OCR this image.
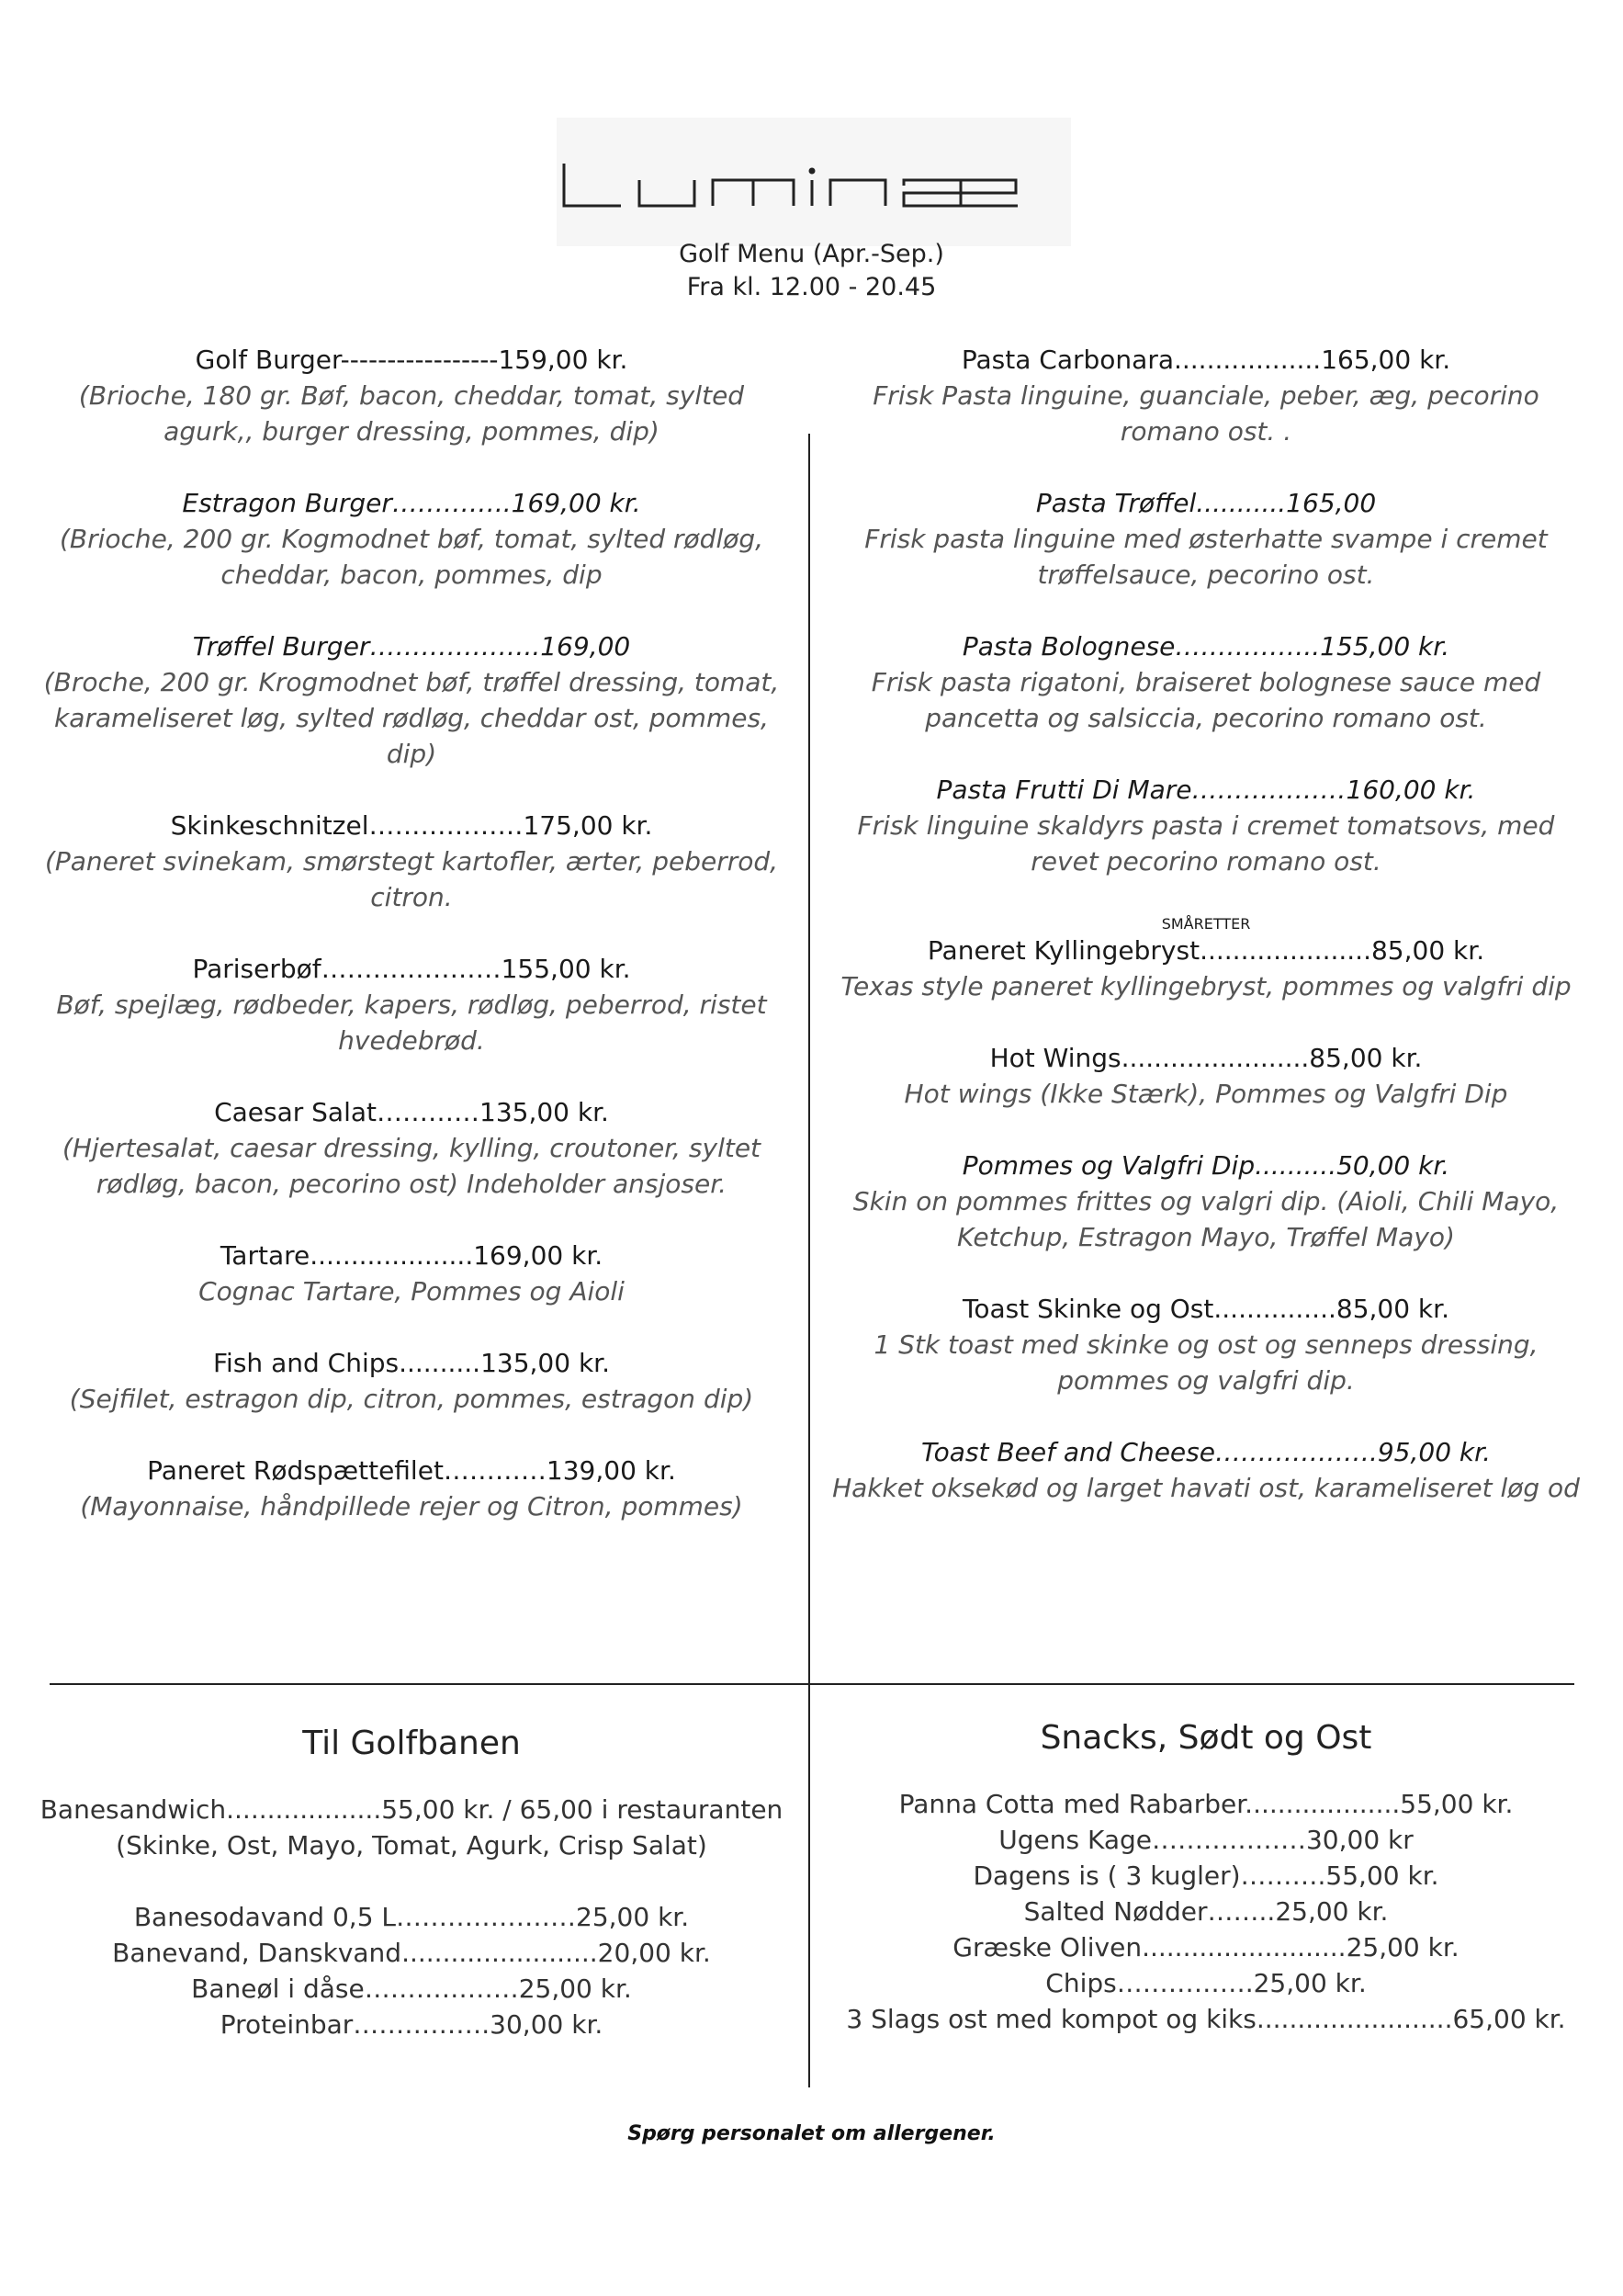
Golf Menu (Apr.-Sep.)
Fra kl. 12.00 - 20.45
Golf Burger-----------------159,00 kr.
(Brioche, 180 gr. Bøf, bacon, cheddar, tomat, sylted agurk,, burger dressing, pommes, dip)
Estragon Burger…………..169,00 kr.
(Brioche, 200 gr. Kogmodnet bøf, tomat, sylted rødløg, cheddar, bacon, pommes, dip
Trøffel Burger………………..169,00
(Broche, 200 gr. Krogmodnet bøf, trøffel dressing, tomat, karameliseret løg, sylted rødløg, cheddar ost, pommes, dip)
Skinkeschnitzel………………175,00 kr.
(Paneret svinekam, smørstegt kartofler, ærter, peberrod, citron.
Pariserbøf…………………155,00 kr.
Bøf, spejlæg, rødbeder, kapers, rødløg, peberrod, ristet hvedebrød.
Caesar Salat…………135,00 kr.
(Hjertesalat, caesar dressing, kylling, croutoner, syltet rødløg, bacon, pecorino ost) Indeholder ansjoser.
Tartare....................169,00 kr.
Cognac Tartare, Pommes og Aioli
Fish and Chips..........135,00 kr.
(Sejfilet, estragon dip, citron, pommes, estragon dip)
Paneret Rødspættefilet…………139,00 kr.
(Mayonnaise, håndpillede rejer og Citron, pommes)
Pasta Carbonara..................165,00 kr.
Frisk Pasta linguine, guanciale, peber, æg, pecorino romano ost. .
Pasta Trøffel...........165,00
Frisk pasta linguine med østerhatte svampe i cremet trøffelsauce, pecorino ost.
Pasta Bolognese……………..155,00 kr.
Frisk pasta rigatoni, braiseret bolognese sauce med pancetta og salsiccia, pecorino romano ost.
Pasta Frutti Di Mare………………160,00 kr.
Frisk linguine skaldyrs pasta i cremet tomatsovs, med revet pecorino romano ost.
SMÅRETTER
Paneret Kyllingebryst.....................85,00 kr.
Texas style paneret kyllingebryst, pommes og valgfri dip
Hot Wings.......................85,00 kr.
Hot wings (Ikke Stærk), Pommes og Valgfri Dip
Pommes og Valgfri Dip..........50,00 kr.
Skin on pommes frittes og valgri dip. (Aioli, Chili Mayo, Ketchup, Estragon Mayo, Trøffel Mayo)
Toast Skinke og Ost...............85,00 kr.
1 Stk toast med skinke og ost og senneps dressing, pommes og valgfri dip.
Toast Beef and Cheese……………….95,00 kr.
Hakket oksekød og larget havati ost, karameliseret løg od
Til Golfbanen
Banesandwich...................55,00 kr. / 65,00 i restauranten
(Skinke, Ost, Mayo, Tomat, Agurk, Crisp Salat)
Banesodavand 0,5 L…………………25,00 kr.
Banevand, Danskvand........................20,00 kr.
Baneøl i dåse………………25,00 kr.
Proteinbar…………….30,00 kr.
Snacks, Sødt og Ost
Panna Cotta med Rabarber...................55,00 kr.
Ugens Kage………………30,00 kr
Dagens is ( 3 kugler)……….55,00 kr.
Salted Nødder……..25,00 kr.
Græske Oliven.........................25,00 kr.
Chips…………….25,00 kr.
3 Slags ost med kompot og kiks........................65,00 kr.
Spørg personalet om allergener.
